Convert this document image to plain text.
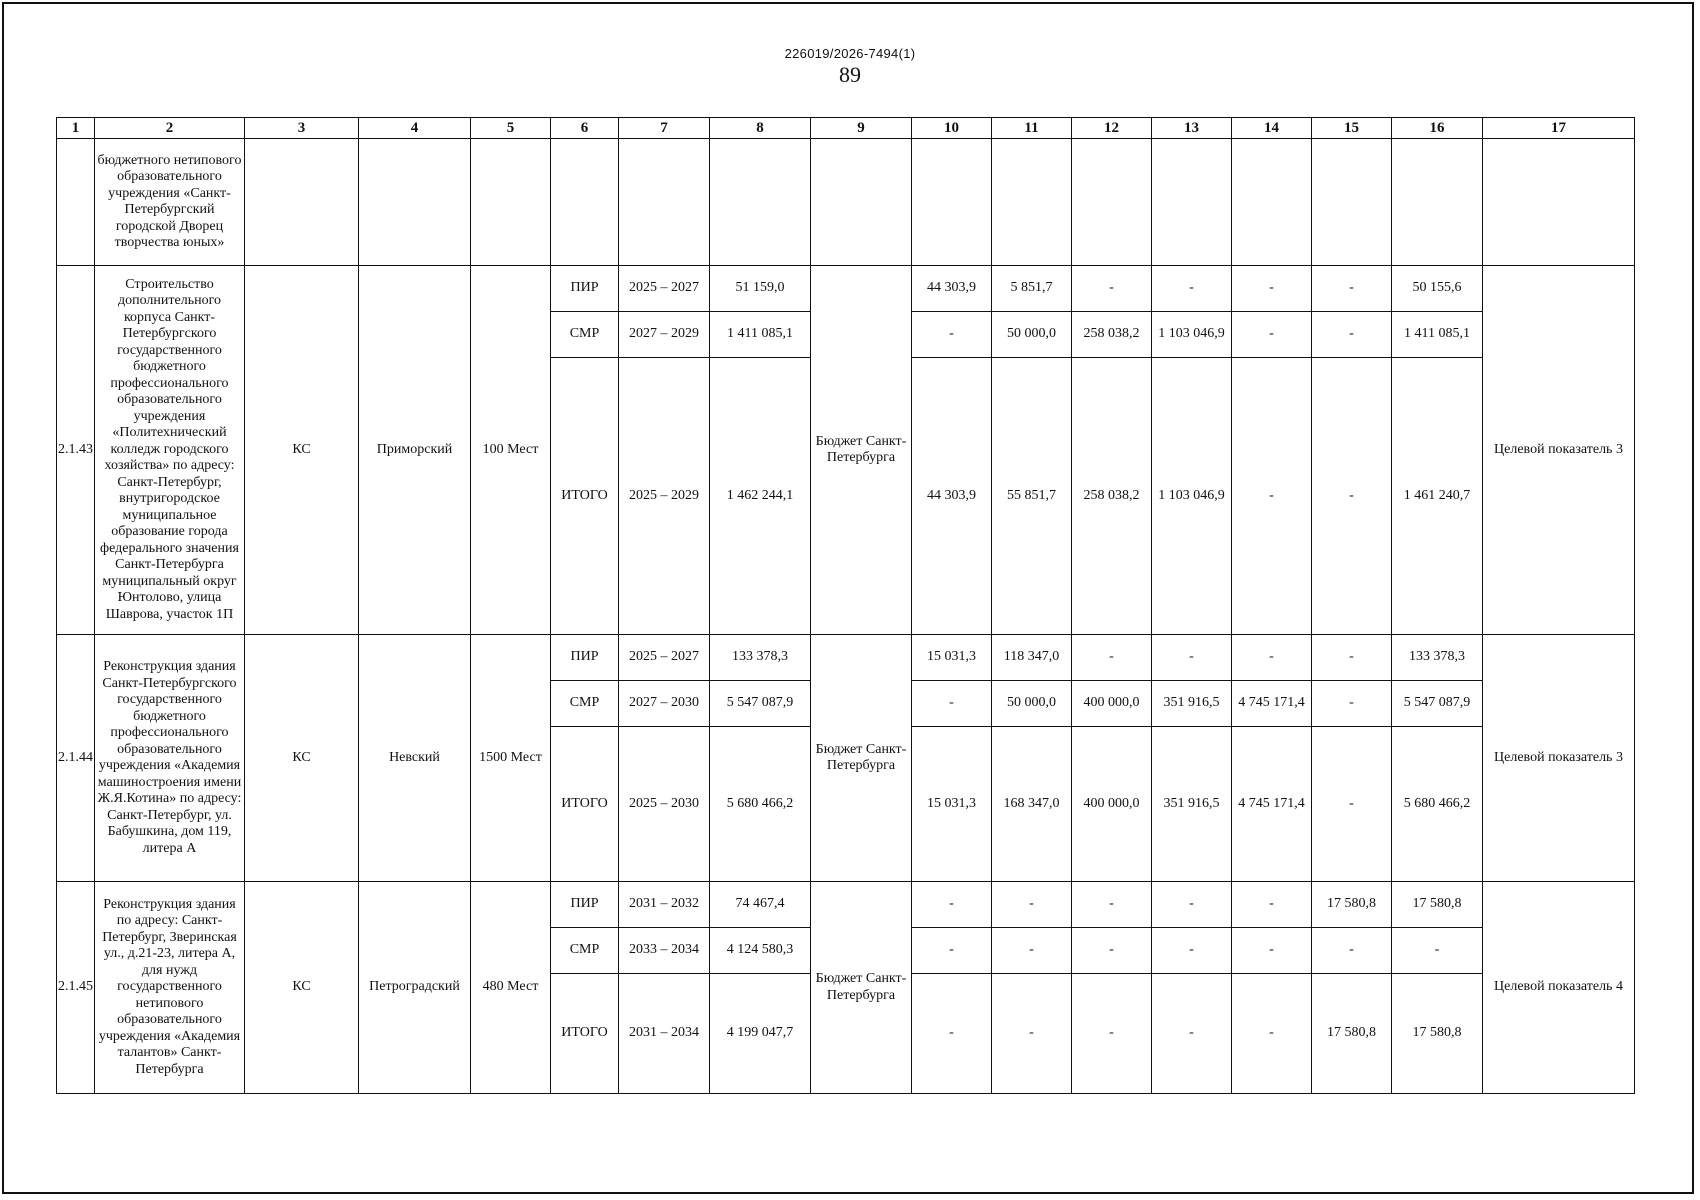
226019/2026-7494(1)
89
1	2	3	4	5	6	7	8	9	10	11	12	13	14	15	16	17
	бюджетного нетипового образовательного учреждения «Санкт-Петербургский городской Дворец творчества юных»															
2.1.43	Строительство дополнительного корпуса Санкт-Петербургского государственного бюджетного профессионального образовательного учреждения «Политехнический колледж городского хозяйства» по адресу: Санкт-Петербург, внутригородское муниципальное образование города федерального значения Санкт-Петербурга муниципальный округ Юнтолово, улица Шаврова, участок 1П	КС	Приморский	100 Мест	ПИР	2025 – 2027	51 159,0	Бюджет Санкт-Петербурга	44 303,9	5 851,7	-	-	-	-	50 155,6	Целевой показатель 3
					СМР	2027 – 2029	1 411 085,1		-	50 000,0	258 038,2	1 103 046,9	-	-	1 411 085,1	
					ИТОГО	2025 – 2029	1 462 244,1		44 303,9	55 851,7	258 038,2	1 103 046,9	-	-	1 461 240,7	
2.1.44	Реконструкция здания Санкт-Петербургского государственного бюджетного профессионального образовательного учреждения «Академия машиностроения имени Ж.Я.Котина» по адресу: Санкт-Петербург, ул. Бабушкина, дом 119, литера А	КС	Невский	1500 Мест	ПИР	2025 – 2027	133 378,3	Бюджет Санкт-Петербурга	15 031,3	118 347,0	-	-	-	-	133 378,3	Целевой показатель 3
					СМР	2027 – 2030	5 547 087,9		-	50 000,0	400 000,0	351 916,5	4 745 171,4	-	5 547 087,9	
					ИТОГО	2025 – 2030	5 680 466,2		15 031,3	168 347,0	400 000,0	351 916,5	4 745 171,4	-	5 680 466,2	
2.1.45	Реконструкция здания по адресу: Санкт-Петербург, Зверинская ул., д.21-23, литера А, для нужд государственного нетипового образовательного учреждения «Академия талантов» Санкт-Петербурга	КС	Петроградский	480 Мест	ПИР	2031 – 2032	74 467,4	Бюджет Санкт-Петербурга	-	-	-	-	-	17 580,8	17 580,8	Целевой показатель 4
					СМР	2033 – 2034	4 124 580,3		-	-	-	-	-	-	-	
					ИТОГО	2031 – 2034	4 199 047,7		-	-	-	-	-	17 580,8	17 580,8	
